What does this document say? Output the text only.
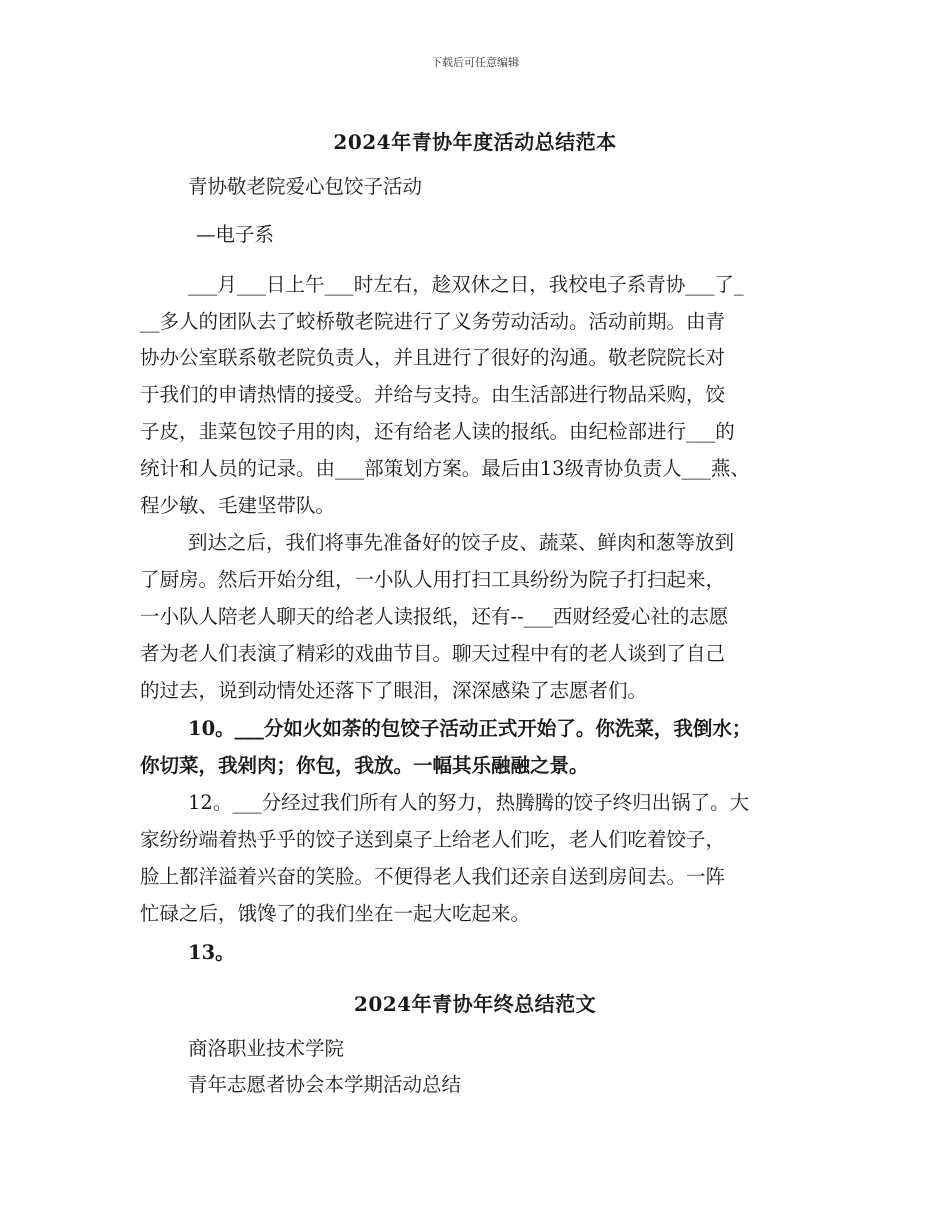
下载后可任意编辑
2024年青协年度活动总结范本
青协敬老院爱心包饺子活动
—电子系
___月___日上午___时左右，趁双休之日，我校电子系青协___了_
__多人的团队去了蛟桥敬老院进行了义务劳动活动。活动前期。由青
协办公室联系敬老院负责人，并且进行了很好的沟通。敬老院院长对
于我们的申请热情的接受。并给与支持。由生活部进行物品采购，饺
子皮，韭菜包饺子用的肉，还有给老人读的报纸。由纪检部进行___的
统计和人员的记录。由___部策划方案。最后由13级青协负责人___燕、
程少敏、毛建坚带队。
到达之后，我们将事先准备好的饺子皮、蔬菜、鲜肉和葱等放到
了厨房。然后开始分组，一小队人用打扫工具纷纷为院子打扫起来，
一小队人陪老人聊天的给老人读报纸，还有--___西财经爱心社的志愿
者为老人们表演了精彩的戏曲节目。聊天过程中有的老人谈到了自己
的过去，说到动情处还落下了眼泪，深深感染了志愿者们。
10。___分如火如荼的包饺子活动正式开始了。你洗菜，我倒水；
你切菜，我剁肉；你包，我放。一幅其乐融融之景。
12。___分经过我们所有人的努力，热腾腾的饺子终归出锅了。大
家纷纷端着热乎乎的饺子送到桌子上给老人们吃，老人们吃着饺子，
脸上都洋溢着兴奋的笑脸。不便得老人我们还亲自送到房间去。一阵
忙碌之后，饿馋了的我们坐在一起大吃起来。
13。
2024年青协年终总结范文
商洛职业技术学院
青年志愿者协会本学期活动总结
